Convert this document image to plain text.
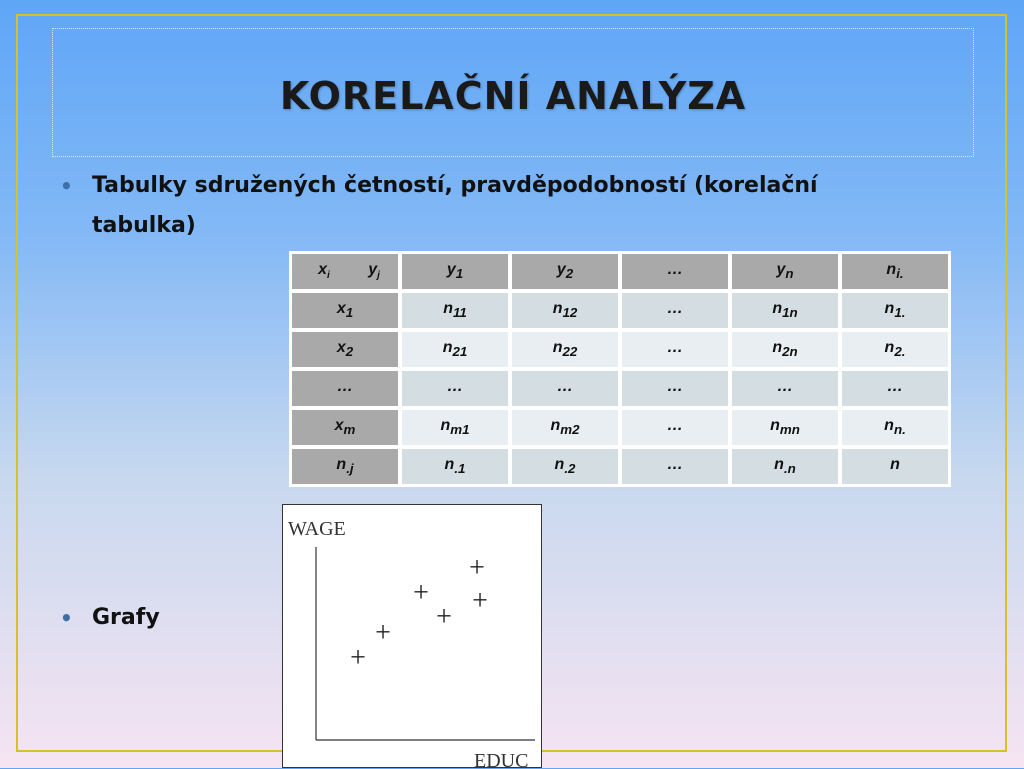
KORELAČNÍ ANALÝZA
• Tabulky sdružených četností, pravděpodobností (korelační
tabulka)
• Grafy
$x_i$ $y_j$	$y_1$	$y_2$	…	$y_n$	$n_{i.}$
$x_1$	$n_{11}$	$n_{12}$	…	$n_{1n}$	$n_{1.}$
$x_2$	$n_{21}$	$n_{22}$	…	$n_{2n}$	$n_{2.}$
…	…	…	…	…	…
$x_m$	$n_{m1}$	$n_{m2}$	…	$n_{mn}$	$n_{n.}$
$n_{.j}$	$n_{.1}$	$n_{.2}$	…	$n_{.n}$	n
WAGE
EDUC
+
+
+
+
+
+
